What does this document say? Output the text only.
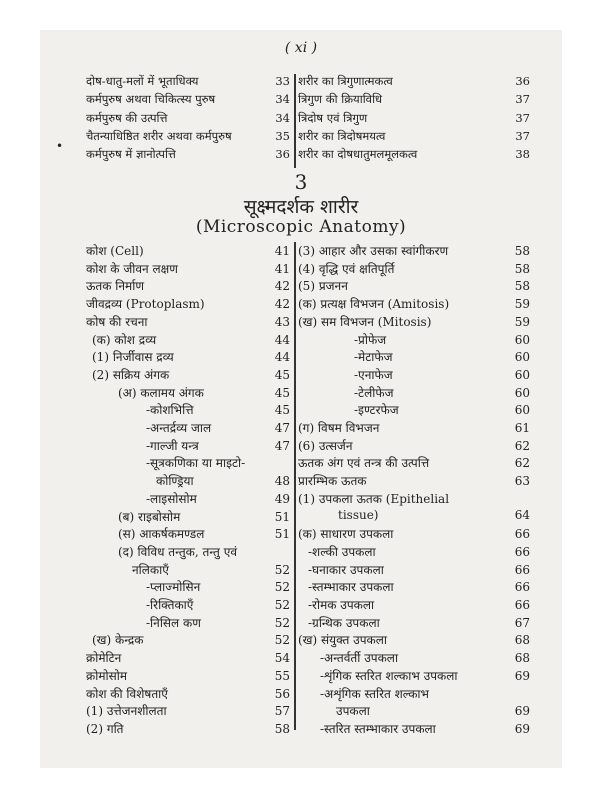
( xi )
•
दोष-धातु-मलों में भूताधिक्य	33
कर्मपुरुष अथवा चिकित्स्य पुरुष	34
कर्मपुरुष की उत्पत्ति	34
चैतन्याधिष्ठित शरीर अथवा कर्मपुरुष	35
कर्मपुरुष में ज्ञानोत्पत्ति	36
शरीर का त्रिगुणात्मकत्व	36
त्रिगुण की क्रियाविधि	37
त्रिदोष एवं त्रिगुण	37
शरीर का त्रिदोषमयत्व	37
शरीर का दोषधातुमलमूलकत्व	38
3
सूक्ष्मदर्शक शारीर
(Microscopic Anatomy)
कोश (Cell)	41
कोश के जीवन लक्षण	41
ऊतक निर्माण	42
जीवद्रव्य (Protoplasm)	42
कोष की रचना	43
(क) कोश द्रव्य	44
(1) निर्जीवास द्रव्य	44
(2) सक्रिय अंगक	45
(अ) कलामय अंगक	45
-कोशभित्ति	45
-अन्तर्द्रव्य जाल	47
-गाल्जी यन्त्र	47
-सूत्रकणिका या माइटो-
कोण्ड्रिया	48
-लाइसोसोम	49
(ब) राइबोसोम	51
(स) आकर्षकमण्डल	51
(द) विविध तन्तुक, तन्तु एवं
नलिकाएँ	52
-प्लाज्मोसिन	52
-रिक्तिकाएँ	52
-निसिल कण	52
(ख) केन्द्रक	52
क्रोमेटिन	54
क्रोमोसोम	55
कोश की विशेषताएँ	56
(1) उत्तेजनशीलता	57
(2) गति	58
(3) आहार और उसका स्वांगीकरण	58
(4) वृद्धि एवं क्षतिपूर्ति	58
(5) प्रजनन	58
(क) प्रत्यक्ष विभजन (Amitosis)	59
(ख) सम विभजन (Mitosis)	59
-प्रोफेज	60
-मेटाफेज	60
-एनाफेज	60
-टेलीफेज	60
-इण्टरफेज	60
(ग) विषम विभजन	61
(6) उत्सर्जन	62
ऊतक अंग एवं तन्त्र की उत्पत्ति	62
प्रारम्भिक ऊतक	63
(1) उपकला ऊतक (Epithelial
tissue)	64
(क) साधारण उपकला	66
-शल्की उपकला	66
-घनाकार उपकला	66
-स्तम्भाकार उपकला	66
-रोमक उपकला	66
-ग्रन्थिक उपकला	67
(ख) संयुक्त उपकला	68
-अन्तर्वर्ती उपकला	68
-शृंगिक स्तरित शल्काभ उपकला	69
-अशृंगिक स्तरित शल्काभ
उपकला	69
-स्तरित स्तम्भाकार उपकला	69
